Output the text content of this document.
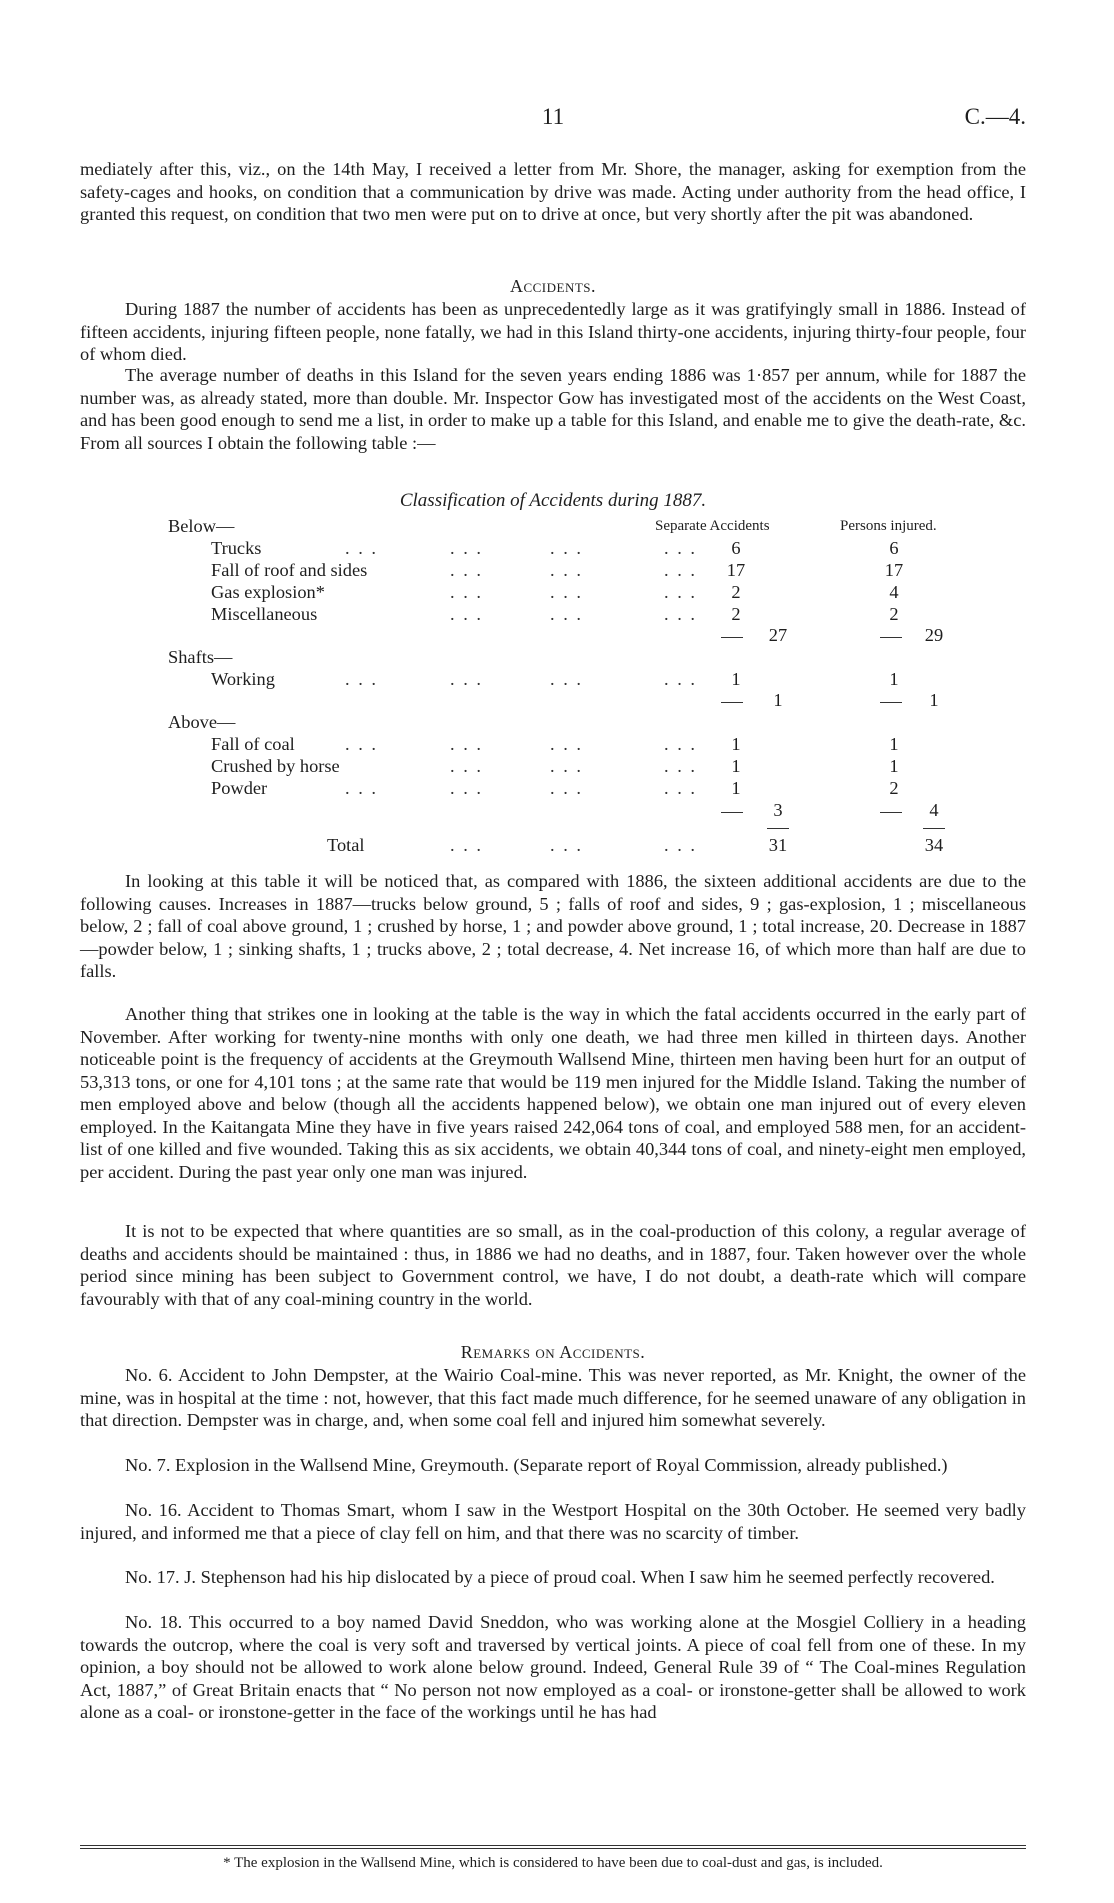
11	C.—4.

mediately after this, viz., on the 14th May, I received a letter from Mr. Shore, the manager, asking for exemption from the safety-cages and hooks, on condition that a communication by drive was made. Acting under authority from the head office, I granted this request, on condition that two men were put on to drive at once, but very shortly after the pit was abandoned.

Accidents.

During 1887 the number of accidents has been as unprecedentedly large as it was gratifyingly small in 1886. Instead of fifteen accidents, injuring fifteen people, none fatally, we had in this Island thirty-one accidents, injuring thirty-four people, four of whom died.

The average number of deaths in this Island for the seven years ending 1886 was 1·857 per annum, while for 1887 the number was, as already stated, more than double. Mr. Inspector Gow has investigated most of the accidents on the West Coast, and has been good enough to send me a list, in order to make up a table for this Island, and enable me to give the death-rate, &c. From all sources I obtain the following table :—

Classification of Accidents during 1887.
Separate Accidents	Persons injured.
Below—
Trucks	. . .	. . .	. . .	. . .	6	6
Fall of roof and sides	. . .	. . .	. . .	17	17
Gas explosion*	. . .	. . .	. . .	2	4
Miscellaneous	. . .	. . .	. . .	2	2
27	29
Shafts—
Working	. . .	. . .	. . .	. . .	1	1
1	1
Above—
Fall of coal	. . .	. . .	. . .	. . .	1	1
Crushed by horse	. . .	. . .	. . .	1	1
Powder	. . .	. . .	. . .	. . .	1	2
3	4
Total	. . .	. . .	. . .	31	34

In looking at this table it will be noticed that, as compared with 1886, the sixteen additional accidents are due to the following causes. Increases in 1887—trucks below ground, 5 ; falls of roof and sides, 9 ; gas-explosion, 1 ; miscellaneous below, 2 ; fall of coal above ground, 1 ; crushed by horse, 1 ; and powder above ground, 1 ; total increase, 20. Decrease in 1887—powder below, 1 ; sinking shafts, 1 ; trucks above, 2 ; total decrease, 4. Net increase 16, of which more than half are due to falls.

Another thing that strikes one in looking at the table is the way in which the fatal accidents occurred in the early part of November. After working for twenty-nine months with only one death, we had three men killed in thirteen days. Another noticeable point is the frequency of accidents at the Greymouth Wallsend Mine, thirteen men having been hurt for an output of 53,313 tons, or one for 4,101 tons ; at the same rate that would be 119 men injured for the Middle Island. Taking the number of men employed above and below (though all the accidents happened below), we obtain one man injured out of every eleven employed. In the Kaitangata Mine they have in five years raised 242,064 tons of coal, and employed 588 men, for an accident-list of one killed and five wounded. Taking this as six accidents, we obtain 40,344 tons of coal, and ninety-eight men employed, per accident. During the past year only one man was injured.

It is not to be expected that where quantities are so small, as in the coal-production of this colony, a regular average of deaths and accidents should be maintained : thus, in 1886 we had no deaths, and in 1887, four. Taken however over the whole period since mining has been subject to Government control, we have, I do not doubt, a death-rate which will compare favourably with that of any coal-mining country in the world.

Remarks on Accidents.

No. 6. Accident to John Dempster, at the Wairio Coal-mine. This was never reported, as Mr. Knight, the owner of the mine, was in hospital at the time : not, however, that this fact made much difference, for he seemed unaware of any obligation in that direction. Dempster was in charge, and, when some coal fell and injured him somewhat severely.

No. 7. Explosion in the Wallsend Mine, Greymouth. (Separate report of Royal Commission, already published.)

No. 16. Accident to Thomas Smart, whom I saw in the Westport Hospital on the 30th October. He seemed very badly injured, and informed me that a piece of clay fell on him, and that there was no scarcity of timber.

No. 17. J. Stephenson had his hip dislocated by a piece of proud coal. When I saw him he seemed perfectly recovered.

No. 18. This occurred to a boy named David Sneddon, who was working alone at the Mosgiel Colliery in a heading towards the outcrop, where the coal is very soft and traversed by vertical joints. A piece of coal fell from one of these. In my opinion, a boy should not be allowed to work alone below ground. Indeed, General Rule 39 of “ The Coal-mines Regulation Act, 1887,” of Great Britain enacts that “ No person not now employed as a coal- or ironstone-getter shall be allowed to work alone as a coal- or ironstone-getter in the face of the workings until he has had

* The explosion in the Wallsend Mine, which is considered to have been due to coal-dust and gas, is included.
